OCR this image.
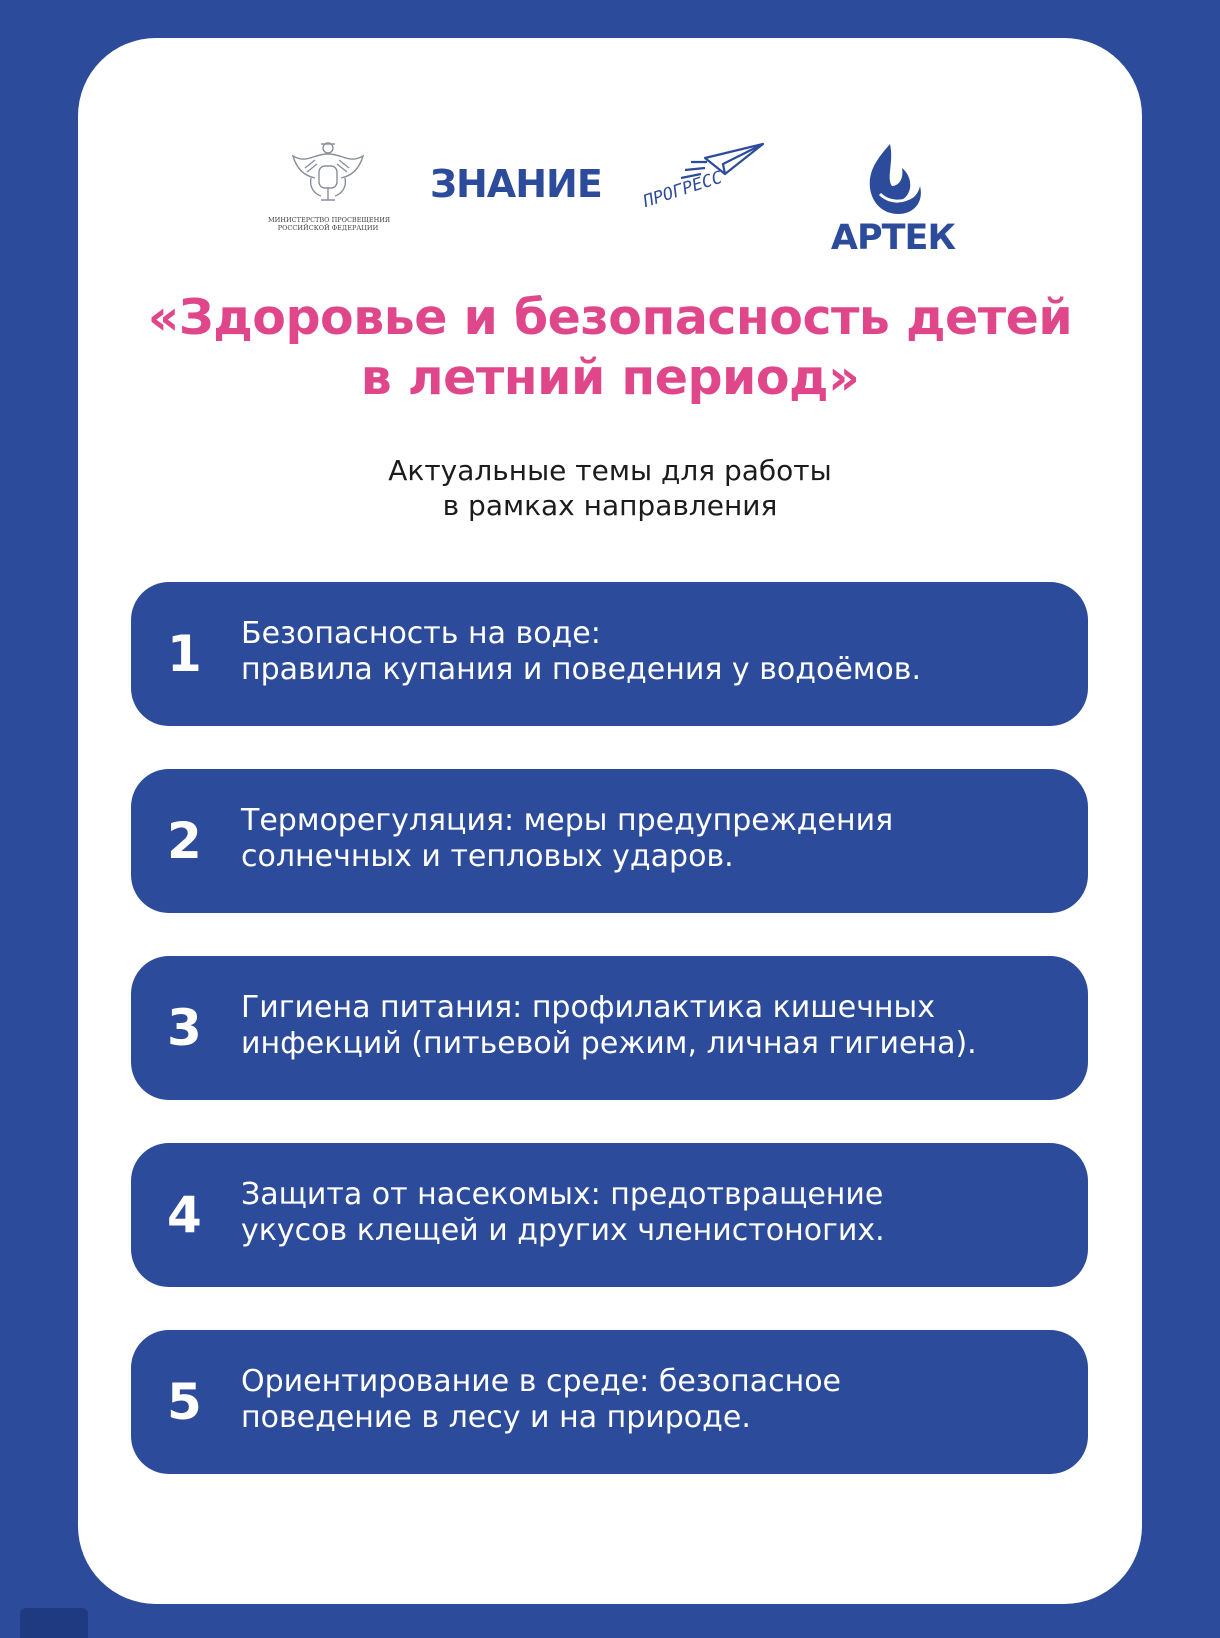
МИНИСТЕРСТВО ПРОСВЕЩЕНИЯ
РОССИЙСКОЙ ФЕДЕРАЦИИ
ЗНАНИЕ ПРОГРЕСС
АРТЕК
«Здоровье и безопасность детей
в летний период»
Актуальные темы для работы
в рамках направления
1 Безопасность на воде:
правила купания и поведения у водоёмов.
2 Терморегуляция: меры предупреждения
солнечных и тепловых ударов.
3 Гигиена питания: профилактика кишечных
инфекций (питьевой режим, личная гигиена).
4 Защита от насекомых: предотвращение
укусов клещей и других членистоногих.
5 Ориентирование в среде: безопасное
поведение в лесу и на природе.
